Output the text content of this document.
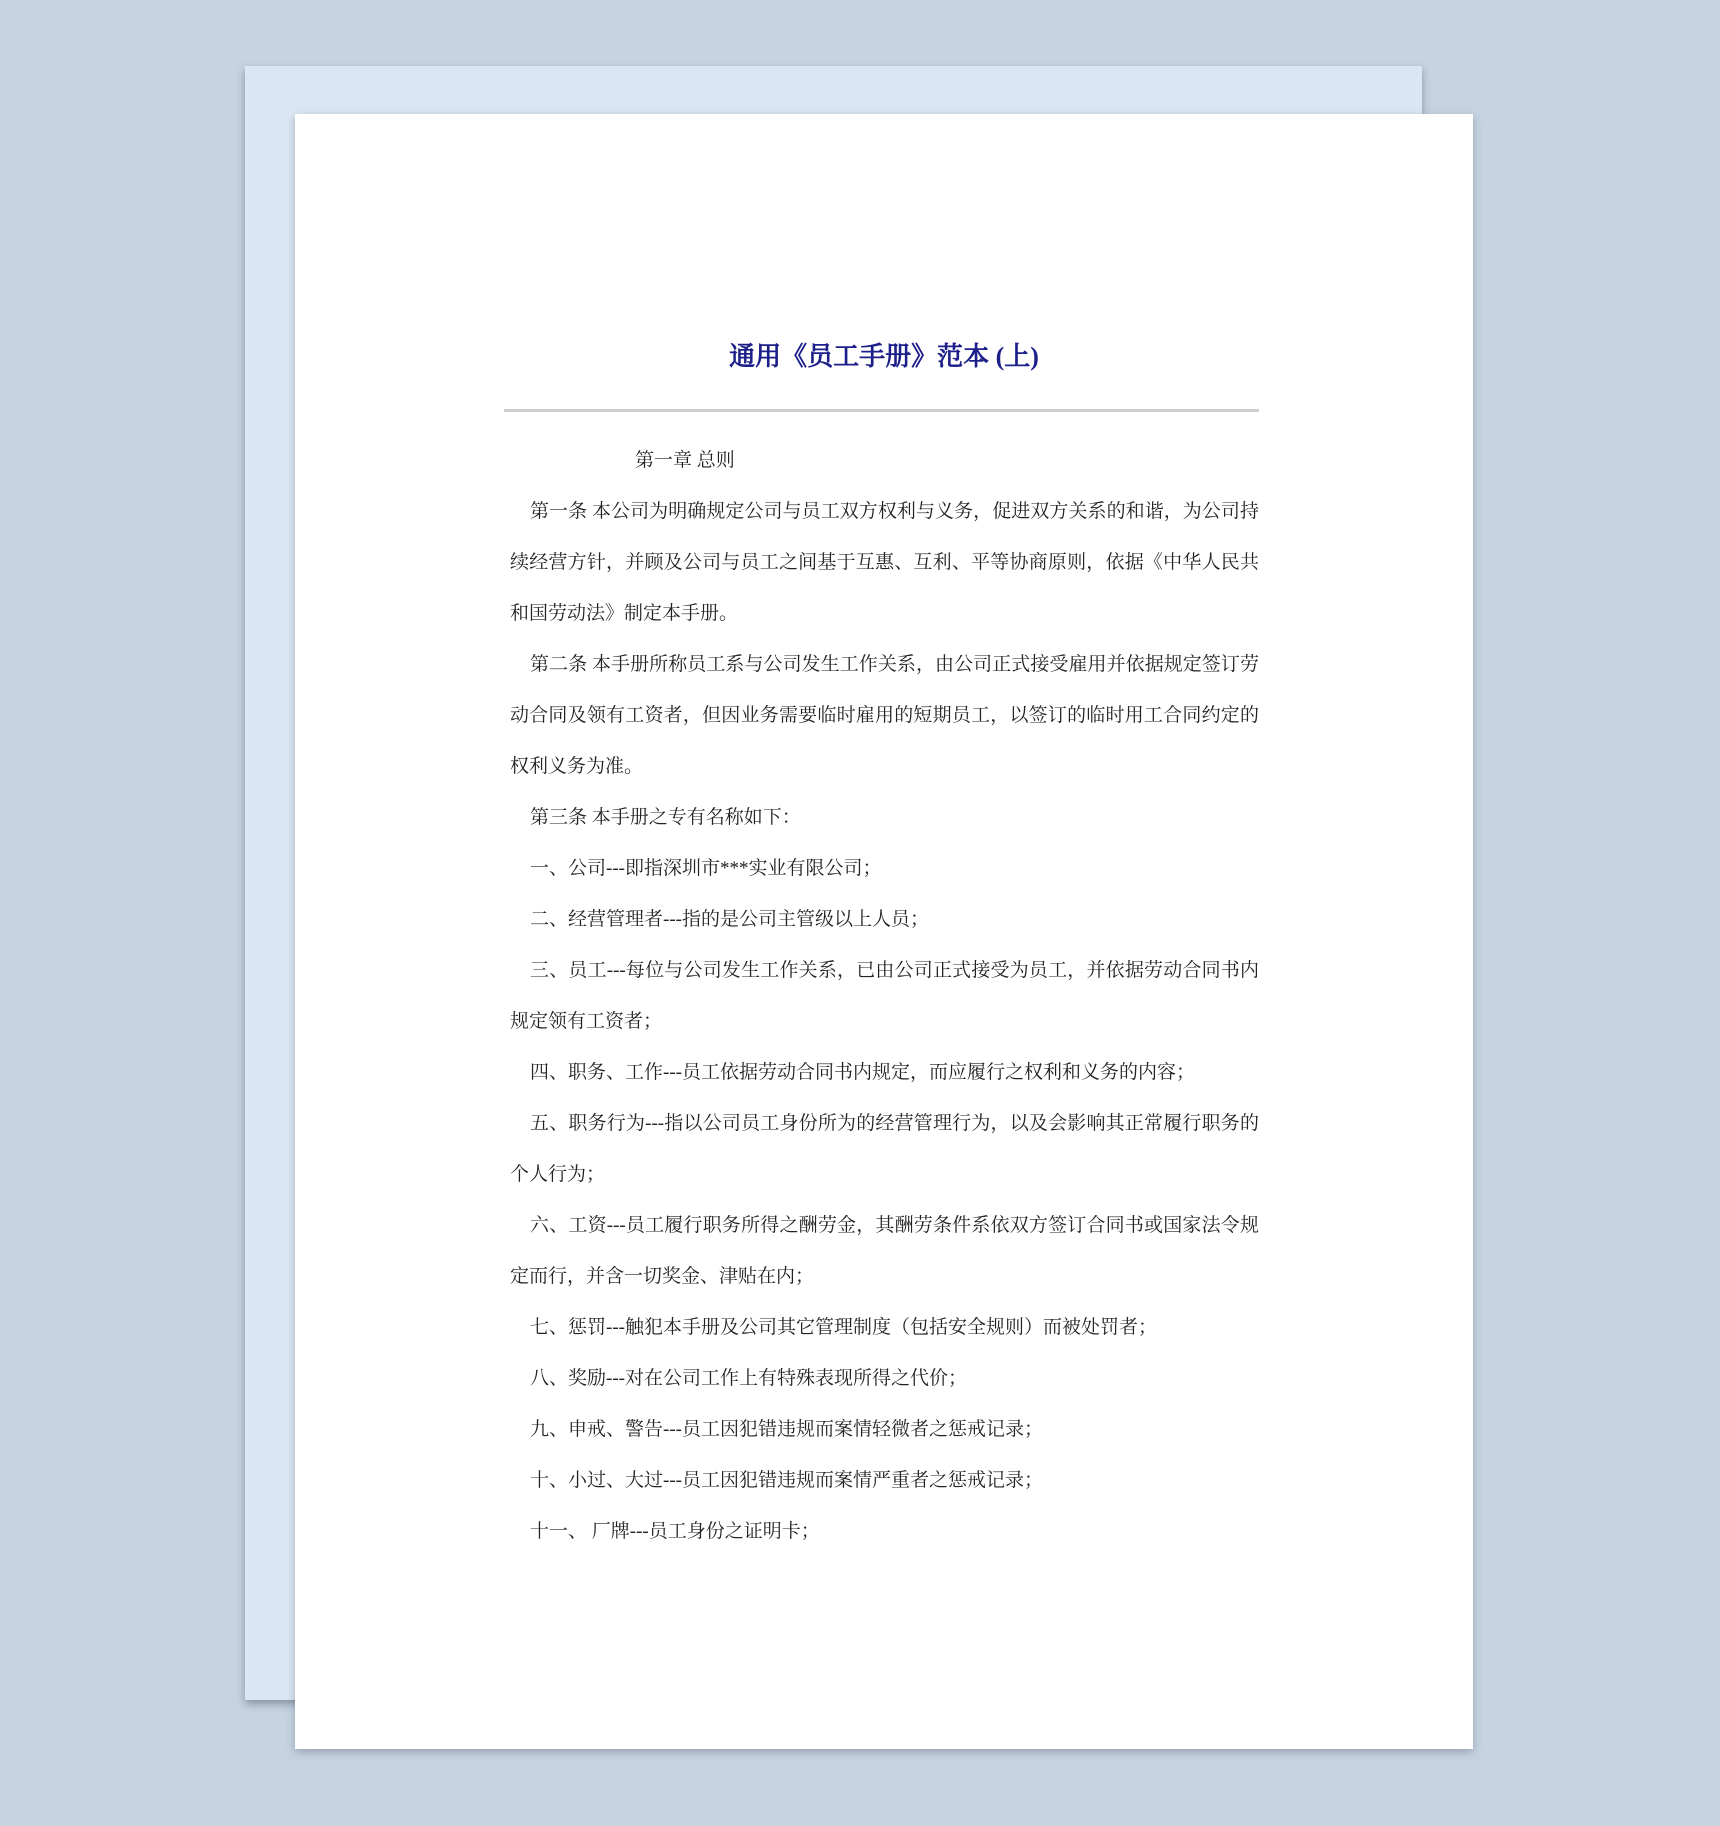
通用《员工手册》范本 (上)
第一章 总则
第一条 本公司为明确规定公司与员工双方权利与义务，促进双方关系的和谐，为公司持
续经营方针，并顾及公司与员工之间基于互惠、互利、平等协商原则，依据《中华人民共
和国劳动法》制定本手册。
第二条 本手册所称员工系与公司发生工作关系，由公司正式接受雇用并依据规定签订劳
动合同及领有工资者，但因业务需要临时雇用的短期员工，以签订的临时用工合同约定的
权利义务为准。
第三条 本手册之专有名称如下：
一、公司---即指深圳市***实业有限公司；
二、经营管理者---指的是公司主管级以上人员；
三、员工---每位与公司发生工作关系，已由公司正式接受为员工，并依据劳动合同书内
规定领有工资者；
四、职务、工作---员工依据劳动合同书内规定，而应履行之权利和义务的内容；
五、职务行为---指以公司员工身份所为的经营管理行为，以及会影响其正常履行职务的
个人行为；
六、工资---员工履行职务所得之酬劳金，其酬劳条件系依双方签订合同书或国家法令规
定而行，并含一切奖金、津贴在内；
七、惩罚---触犯本手册及公司其它管理制度（包括安全规则）而被处罚者；
八、奖励---对在公司工作上有特殊表现所得之代价；
九、申戒、警告---员工因犯错违规而案情轻微者之惩戒记录；
十、小过、大过---员工因犯错违规而案情严重者之惩戒记录；
十一、 厂牌---员工身份之证明卡；
